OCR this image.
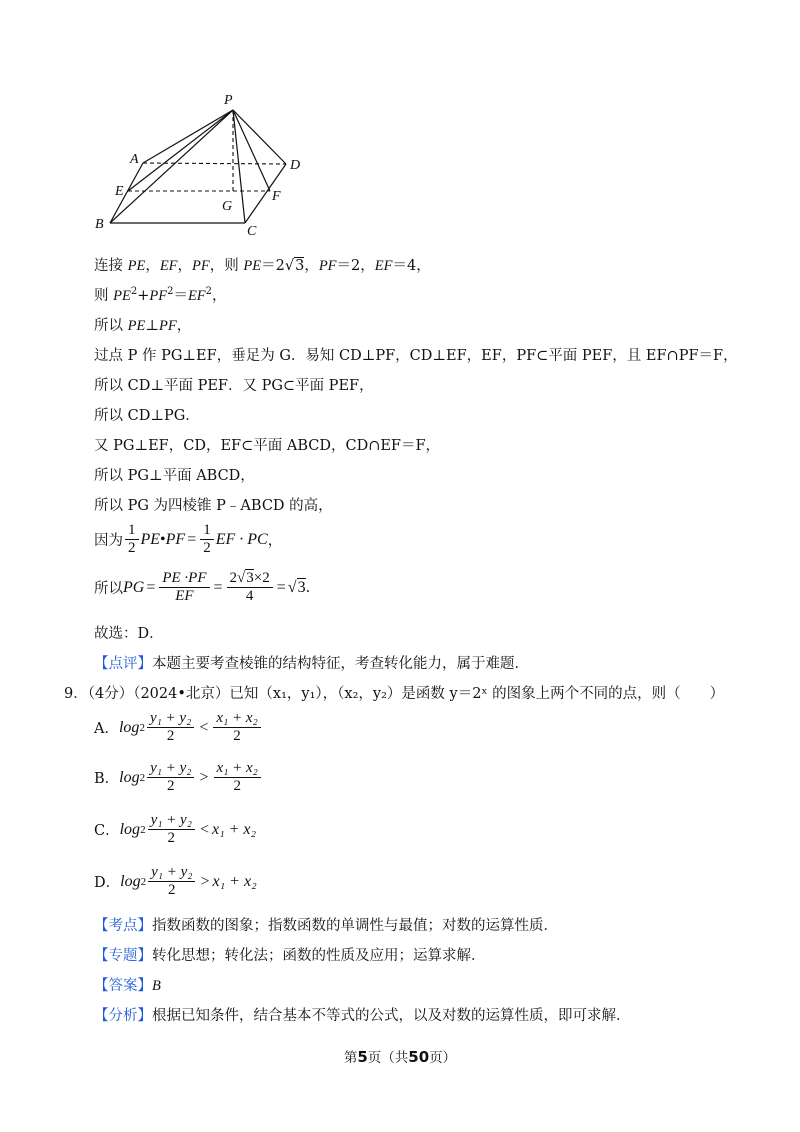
P
A	D
E	F
G
B	C
连接 PE，EF，PF，则 PE＝2√3，PF＝2，EF＝4，
则 $PE^2+PF^2=EF^2$，
所以 PE⊥PF，
过点 P 作 PG⊥EF，垂足为 G．易知 CD⊥PF，CD⊥EF，EF，PF⊂平面 PEF，且 EF∩PF＝F，
所以 CD⊥平面 PEF．又 PG⊂平面 PEF，
所以 CD⊥PG．
又 PG⊥EF，CD，EF⊂平面 ABCD，CD∩EF＝F，
所以 PG⊥平面 ABCD，
所以 PG 为四棱锥 P﹣ABCD 的高，
因为 $\frac{1}{2}$ PE • PF = $\frac{1}{2}$ EF · PC ，
所以 PG = $\frac{PE \cdot PF}{EF} = \frac{2√3\times 2}{4}$ = √ 3 .
故选：D．
【点评】本题主要考查棱锥的结构特征，考查转化能力，属于难题．
9．（4分）（2024•北京）已知（x₁，y₁），（x₂，y₂）是函数 y＝2ˣ 的图象上两个不同的点，则（　　）
A． $\log 2 \frac{\text{y₁ + y₂}}{2} < \frac{\text{x₁ + x₂}}{2}$
B． $\log 2 \frac{\text{y₁ + y₂}}{2} > \frac{\text{x₁ + x₂}}{2}$
C． $\log 2 \frac{\text{y₁ + y₂}}{2} < x_1 + x_2$
D． $\log 2 \frac{\text{y₁ + y₂}}{2} > x_1 + x_2$
【考点】指数函数的图象；指数函数的单调性与最值；对数的运算性质．
【专题】转化思想；转化法；函数的性质及应用；运算求解．
【答案】B
【分析】根据已知条件，结合基本不等式的公式，以及对数的运算性质，即可求解．
第5页（共50页）
